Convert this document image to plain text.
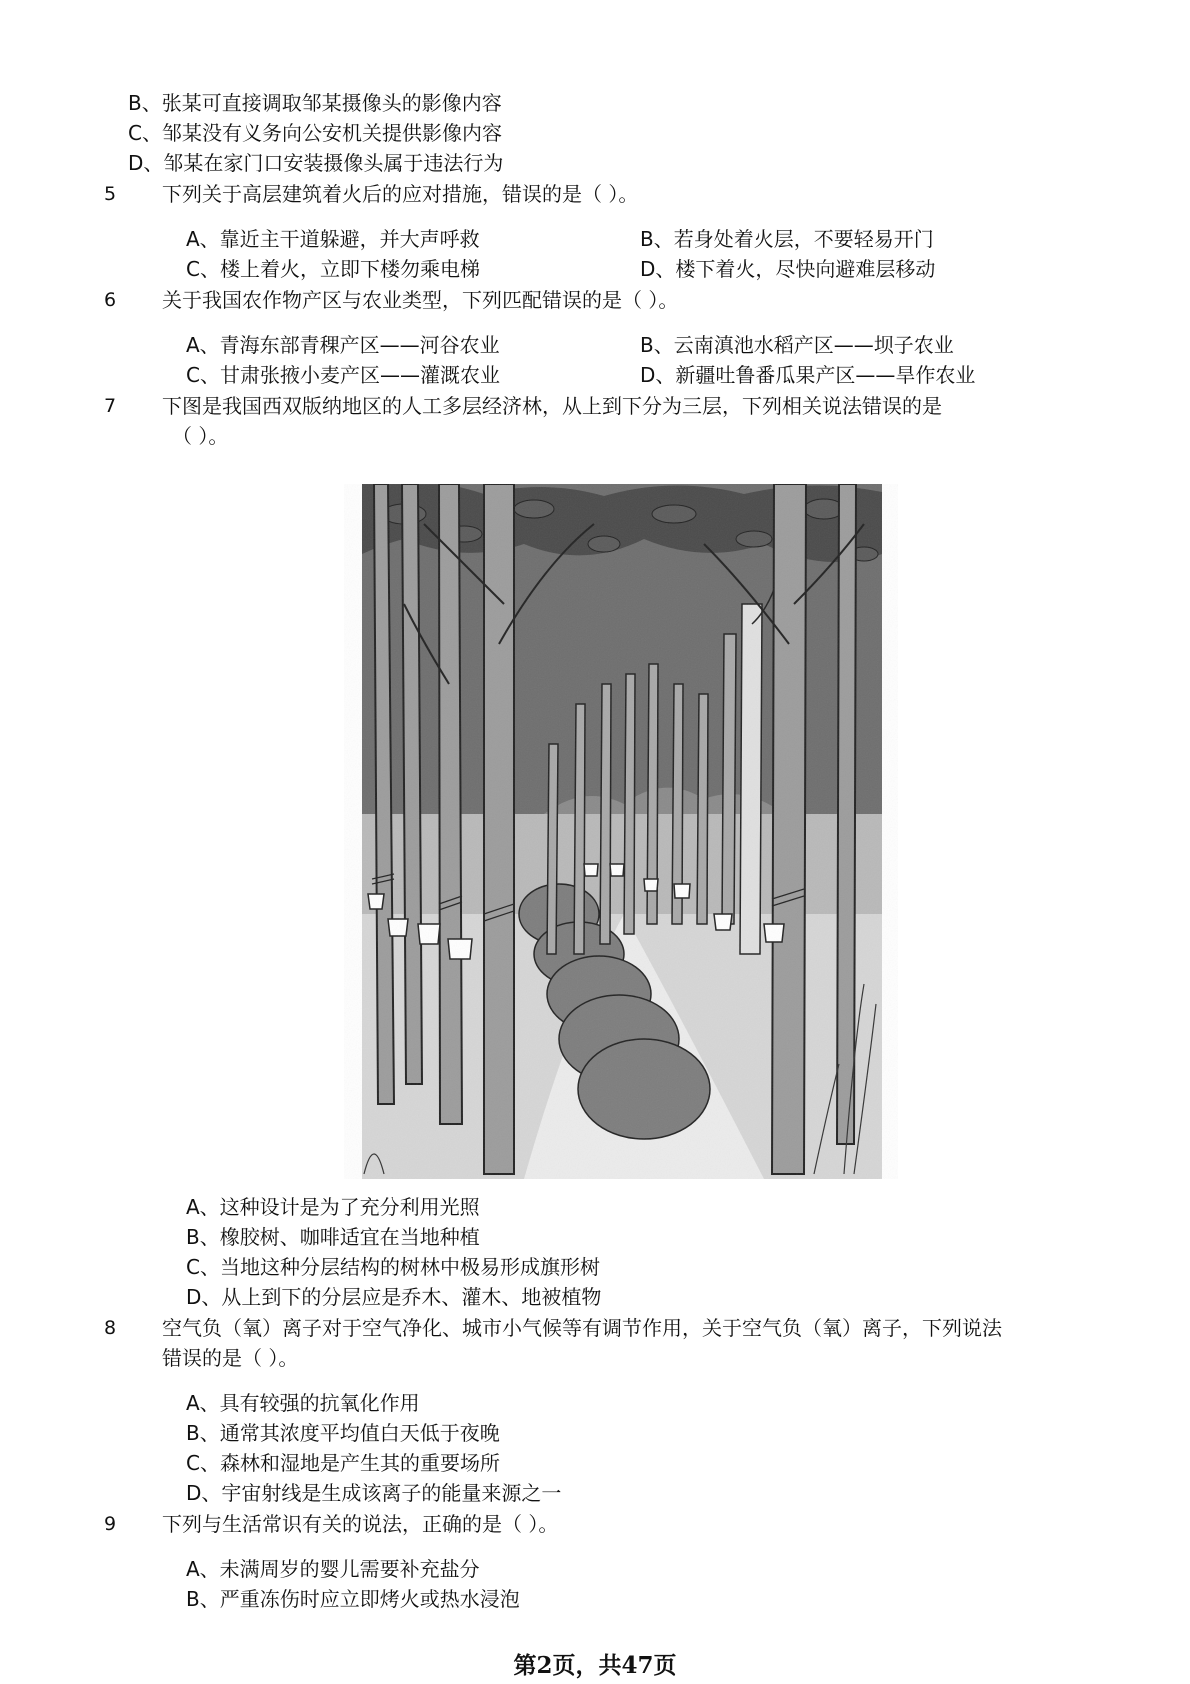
B、张某可直接调取邹某摄像头的影像内容
C、邹某没有义务向公安机关提供影像内容
D、邹某在家门口安装摄像头属于违法行为
5 下列关于高层建筑着火后的应对措施，错误的是（ ）。
A、靠近主干道躲避，并大声呼救	B、若身处着火层，不要轻易开门
C、楼上着火，立即下楼勿乘电梯	D、楼下着火，尽快向避难层移动
6 关于我国农作物产区与农业类型，下列匹配错误的是（ ）。
A、青海东部青稞产区——河谷农业	B、云南滇池水稻产区——坝子农业
C、甘肃张掖小麦产区——灌溉农业	D、新疆吐鲁番瓜果产区——旱作农业
7 下图是我国西双版纳地区的人工多层经济林，从上到下分为三层，下列相关说法错误的是
（ ）。
A、这种设计是为了充分利用光照
B、橡胶树、咖啡适宜在当地种植
C、当地这种分层结构的树林中极易形成旗形树
D、从上到下的分层应是乔木、灌木、地被植物
8 空气负（氧）离子对于空气净化、城市小气候等有调节作用，关于空气负（氧）离子，下列说法
错误的是（ ）。
A、具有较强的抗氧化作用
B、通常其浓度平均值白天低于夜晚
C、森林和湿地是产生其的重要场所
D、宇宙射线是生成该离子的能量来源之一
9 下列与生活常识有关的说法，正确的是（ ）。
A、未满周岁的婴儿需要补充盐分
B、严重冻伤时应立即烤火或热水浸泡
第2页，共47页
